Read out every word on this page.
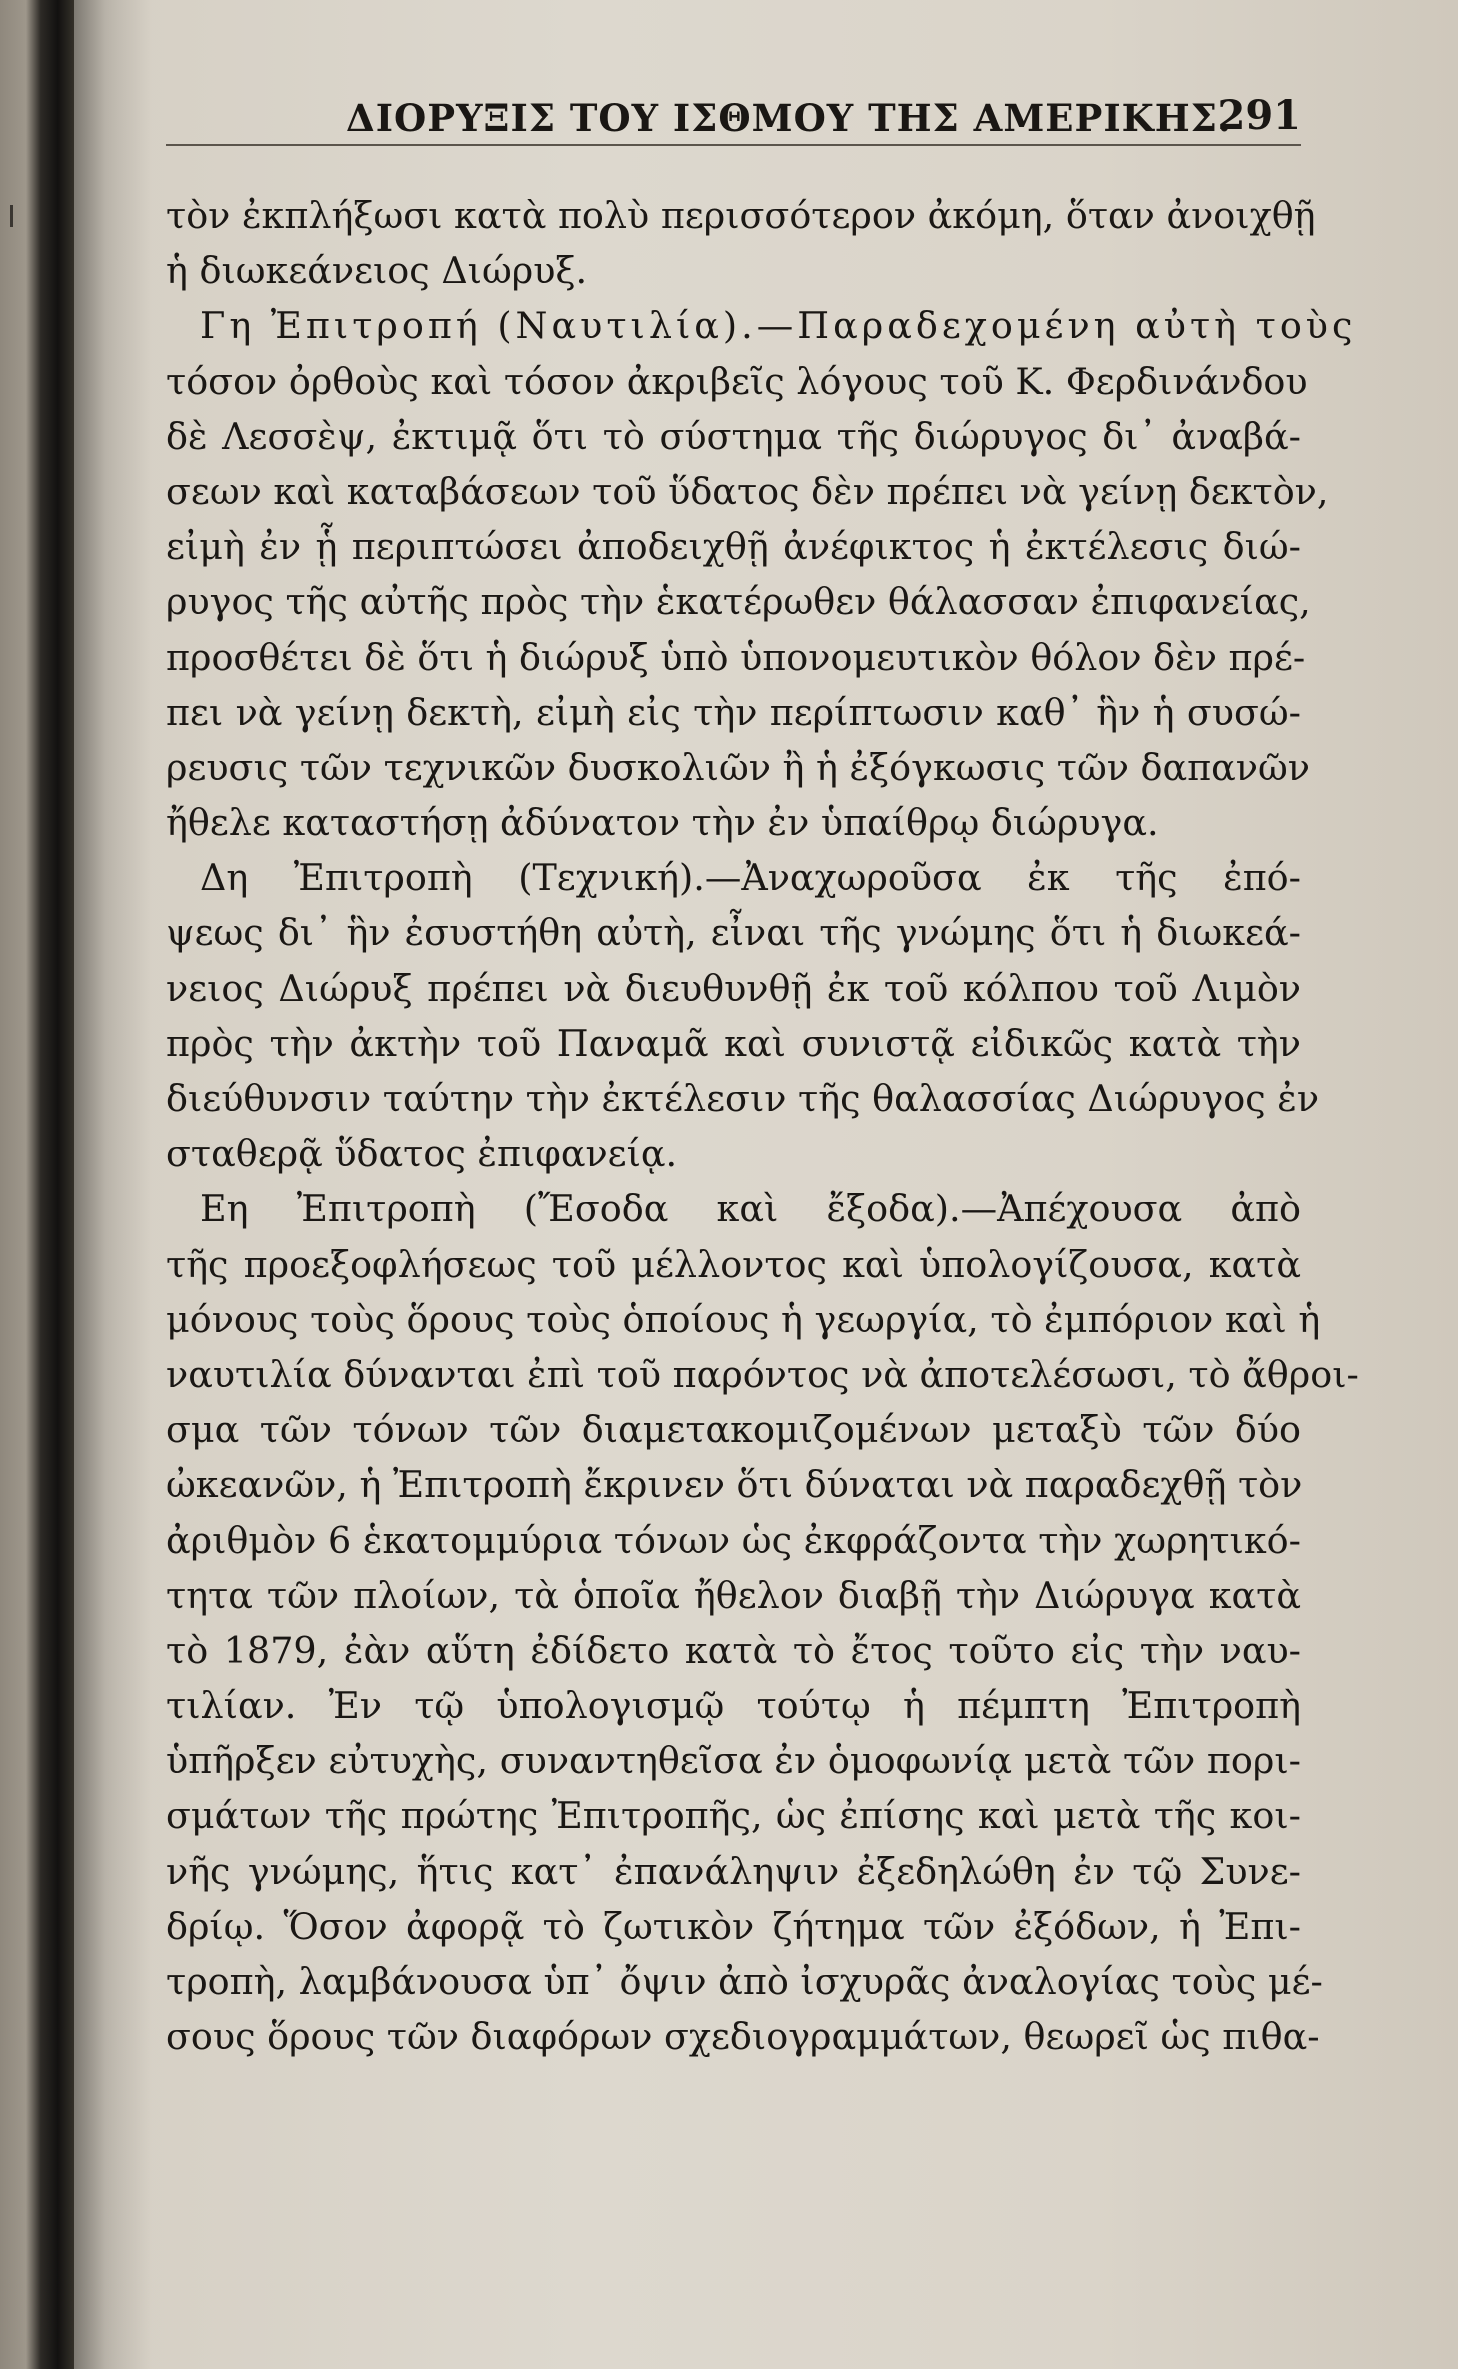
ΔΙΟΡΥΞΙΣ ΤΟΥ ΙΣΘΜΟΥ ΤΗΣ ΑΜΕΡΙΚΗΣ.
291
τὸν ἐκπλήξωσι κατὰ πολὺ περισσότερον ἀκόμη, ὅταν ἀνοιχθῇ
ἡ διωκεάνειος Διώρυξ.
Γη Ἐπιτροπή (Ναυτιλία).—Παραδεχομένη αὐτὴ τοὺς
τόσον ὀρθοὺς καὶ τόσον ἀκριβεῖς λόγους τοῦ Κ. Φερδινάνδου
δὲ Λεσσὲψ, ἐκτιμᾷ ὅτι τὸ σύστημα τῆς διώρυγος δι᾽ ἀναβά-
σεων καὶ καταβάσεων τοῦ ὕδατος δὲν πρέπει νὰ γείνῃ δεκτὸν,
εἰμὴ ἐν ᾗ περιπτώσει ἀποδειχθῇ ἀνέφικτος ἡ ἐκτέλεσις διώ-
ρυγος τῆς αὐτῆς πρὸς τὴν ἑκατέρωθεν θάλασσαν ἐπιφανείας,
προσθέτει δὲ ὅτι ἡ διώρυξ ὑπὸ ὑπονομευτικὸν θόλον δὲν πρέ-
πει νὰ γείνῃ δεκτὴ, εἰμὴ εἰς τὴν περίπτωσιν καθ᾽ ἣν ἡ συσώ-
ρευσις τῶν τεχνικῶν δυσκολιῶν ἢ ἡ ἐξόγκωσις τῶν δαπανῶν
ἤθελε καταστήσῃ ἀδύνατον τὴν ἐν ὑπαίθρῳ διώρυγα.
Δη Ἐπιτροπὴ (Τεχνική).—Ἀναχωροῦσα ἐκ τῆς ἐπό-
ψεως δι᾽ ἣν ἐσυστήθη αὐτὴ, εἶναι τῆς γνώμης ὅτι ἡ διωκεά-
νειος Διώρυξ πρέπει νὰ διευθυνθῇ ἐκ τοῦ κόλπου τοῦ Λιμὸν
πρὸς τὴν ἀκτὴν τοῦ Παναμᾶ καὶ συνιστᾷ εἰδικῶς κατὰ τὴν
διεύθυνσιν ταύτην τὴν ἐκτέλεσιν τῆς θαλασσίας Διώρυγος ἐν
σταθερᾷ ὕδατος ἐπιφανείᾳ.
Εη Ἐπιτροπὴ (Ἔσοδα καὶ ἔξοδα).—Ἀπέχουσα ἀπὸ
τῆς προεξοφλήσεως τοῦ μέλλοντος καὶ ὑπολογίζουσα, κατὰ
μόνους τοὺς ὅρους τοὺς ὁποίους ἡ γεωργία, τὸ ἐμπόριον καὶ ἡ
ναυτιλία δύνανται ἐπὶ τοῦ παρόντος νὰ ἀποτελέσωσι, τὸ ἄθροι-
σμα τῶν τόνων τῶν διαμετακομιζομένων μεταξὺ τῶν δύο
ὠκεανῶν, ἡ Ἐπιτροπὴ ἔκρινεν ὅτι δύναται νὰ παραδεχθῇ τὸν
ἀριθμὸν 6 ἑκατομμύρια τόνων ὡς ἐκφράζοντα τὴν χωρητικό-
τητα τῶν πλοίων, τὰ ὁποῖα ἤθελον διαβῇ τὴν Διώρυγα κατὰ
τὸ 1879, ἐὰν αὕτη ἐδίδετο κατὰ τὸ ἔτος τοῦτο εἰς τὴν ναυ-
τιλίαν. Ἐν τῷ ὑπολογισμῷ τούτῳ ἡ πέμπτη Ἐπιτροπὴ
ὑπῆρξεν εὐτυχὴς, συναντηθεῖσα ἐν ὁμοφωνίᾳ μετὰ τῶν πορι-
σμάτων τῆς πρώτης Ἐπιτροπῆς, ὡς ἐπίσης καὶ μετὰ τῆς κοι-
νῆς γνώμης, ἥτις κατ᾽ ἐπανάληψιν ἐξεδηλώθη ἐν τῷ Συνε-
δρίῳ. Ὅσον ἀφορᾷ τὸ ζωτικὸν ζήτημα τῶν ἐξόδων, ἡ Ἐπι-
τροπὴ, λαμβάνουσα ὑπ᾽ ὄψιν ἀπὸ ἰσχυρᾶς ἀναλογίας τοὺς μέ-
σους ὅρους τῶν διαφόρων σχεδιογραμμάτων, θεωρεῖ ὡς πιθα-
